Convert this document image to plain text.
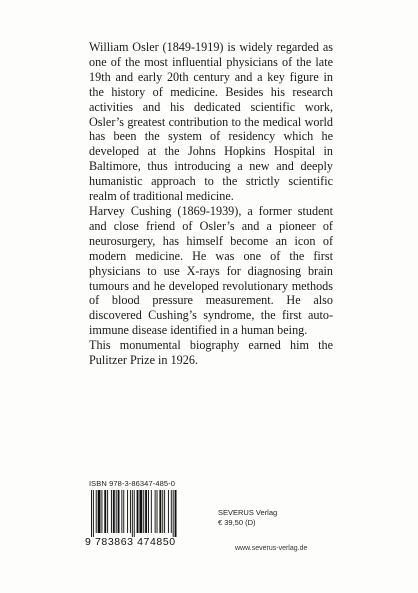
William Osler (1849-1919) is widely regarded as one of the most influential physicians of the late 19th and early 20th century and a key figure in the history of medicine. Besides his research activities and his dedicated scientific work, Osler’s greatest contribution to the medical world has been the system of residency which he developed at the Johns Hopkins Hospital in Baltimore, thus introducing a new and deeply humanistic approach to the strictly scientific realm of traditional medicine.

Harvey Cushing (1869-1939), a former student and close friend of Osler’s and a pioneer of neurosurgery, has himself become an icon of modern medicine. He was one of the first physicians to use X-rays for diagnosing brain tumours and he developed revolutionary methods of blood pressure measurement. He also discovered Cushing’s syndrome, the first autoimmune disease identified in a human being.

This monumental biography earned him the Pulitzer Prize in 1926.

ISBN 978-3-86347-485-0
9 783863 474850
SEVERUS Verlag
€ 39,50 (D)
www.severus-verlag.de
